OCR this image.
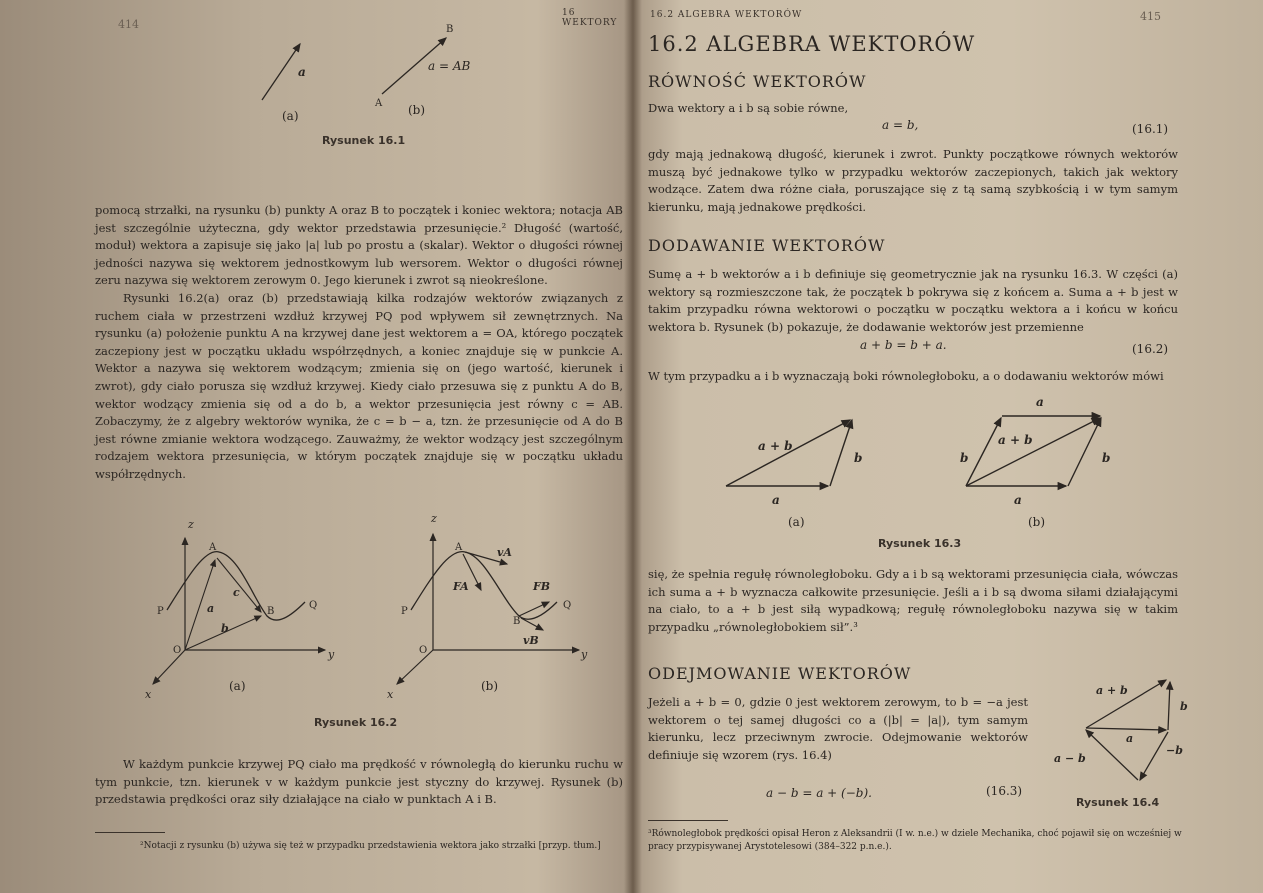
414
16 WEKTORY
a
A
B
a = AB
(a)	(b)
Rysunek 16.1

pomocą strzałki, na rysunku (b) punkty A oraz B to początek i koniec wektora; notacja AB jest szczególnie użyteczna, gdy wektor przedstawia przesunięcie.² Długość (wartość, moduł) wektora a zapisuje się jako |a| lub po prostu a (skalar). Wektor o długości równej jedności nazywa się wektorem jednostkowym lub wersorem. Wektor o długości równej zeru nazywa się wektorem zerowym 0. Jego kierunek i zwrot są nieokreślone.

Rysunki 16.2(a) oraz (b) przedstawiają kilka rodzajów wektorów związanych z ruchem ciała w przestrzeni wzdłuż krzywej PQ pod wpływem sił zewnętrznych. Na rysunku (a) położenie punktu A na krzywej dane jest wektorem a = OA, którego początek zaczepiony jest w początku układu współrzędnych, a koniec znajduje się w punkcie A. Wektor a nazywa się wektorem wodzącym; zmienia się on (jego wartość, kierunek i zwrot), gdy ciało porusza się wzdłuż krzywej. Kiedy ciało przesuwa się z punktu A do B, wektor wodzący zmienia się od a do b, a wektor przesunięcia jest równy c = AB. Zobaczymy, że z algebry wektorów wynika, że c = b − a, tzn. że przesunięcie od A do B jest równe zmianie wektora wodzącego. Zauważmy, że wektor wodzący jest szczególnym rodzajem wektora przesunięcia, w którym początek znajduje się w początku układu współrzędnych.

z
y
x
O
P
Q
A
B
a
b
c
(a)
z
y
x
O
P
Q
A
B
vA
FA
vB
FB
(b)
Rysunek 16.2
W każdym punkcie krzywej PQ ciało ma prędkość v równoległą do kierunku ruchu w tym punkcie, tzn. kierunek v w każdym punkcie jest styczny do krzywej. Rysunek (b) przedstawia prędkości oraz siły działające na ciało w punktach A i B.
²Notacji z rysunku (b) używa się też w przypadku przedstawienia wektora jako strzałki [przyp. tłum.]
16.2 ALGEBRA WEKTORÓW	415
16.2 ALGEBRA WEKTORÓW
RÓWNOŚĆ WEKTORÓW
Dwa wektory a i b są sobie równe,
a = b,	(16.1)
gdy mają jednakową długość, kierunek i zwrot. Punkty początkowe równych wektorów muszą być jednakowe tylko w przypadku wektorów zaczepionych, takich jak wektory wodzące. Zatem dwa różne ciała, poruszające się z tą samą szybkością i w tym samym kierunku, mają jednakowe prędkości.
DODAWANIE WEKTORÓW
Sumę a + b wektorów a i b definiuje się geometrycznie jak na rysunku 16.3. W części (a) wektory są rozmieszczone tak, że początek b pokrywa się z końcem a. Suma a + b jest w takim przypadku równa wektorowi o początku w początku wektora a i końcu w końcu wektora b. Rysunek (b) pokazuje, że dodawanie wektorów jest przemienne
a + b = b + a.	(16.2)
W tym przypadku a i b wyznaczają boki równoległoboku, a o dodawaniu wektorów mówi
a + b
b
a
(a)
a
a + b
b	b
a
(b)
Rysunek 16.3
się, że spełnia regułę równoległoboku. Gdy a i b są wektorami przesunięcia ciała, wówczas ich suma a + b wyznacza całkowite przesunięcie. Jeśli a i b są dwoma siłami działającymi na ciało, to a + b jest siłą wypadkową; regułę równoległoboku nazywa się w takim przypadku „równoległobokiem sił”.³
ODEJMOWANIE WEKTORÓW
Jeżeli a + b = 0, gdzie 0 jest wektorem zerowym, to b = −a jest wektorem o tej samej długości co a (|b| = |a|), tym samym kierunku, lecz przeciwnym zwrocie. Odejmowanie wektorów definiuje się wzorem (rys. 16.4)
a − b = a + (−b).	(16.3)
a + b
b
a
−b
a − b
Rysunek 16.4
³Równoległobok prędkości opisał Heron z Aleksandrii (I w. n.e.) w dziele Mechanika, choć pojawił się on wcześniej w pracy przypisywanej Arystotelesowi (384–322 p.n.e.).
